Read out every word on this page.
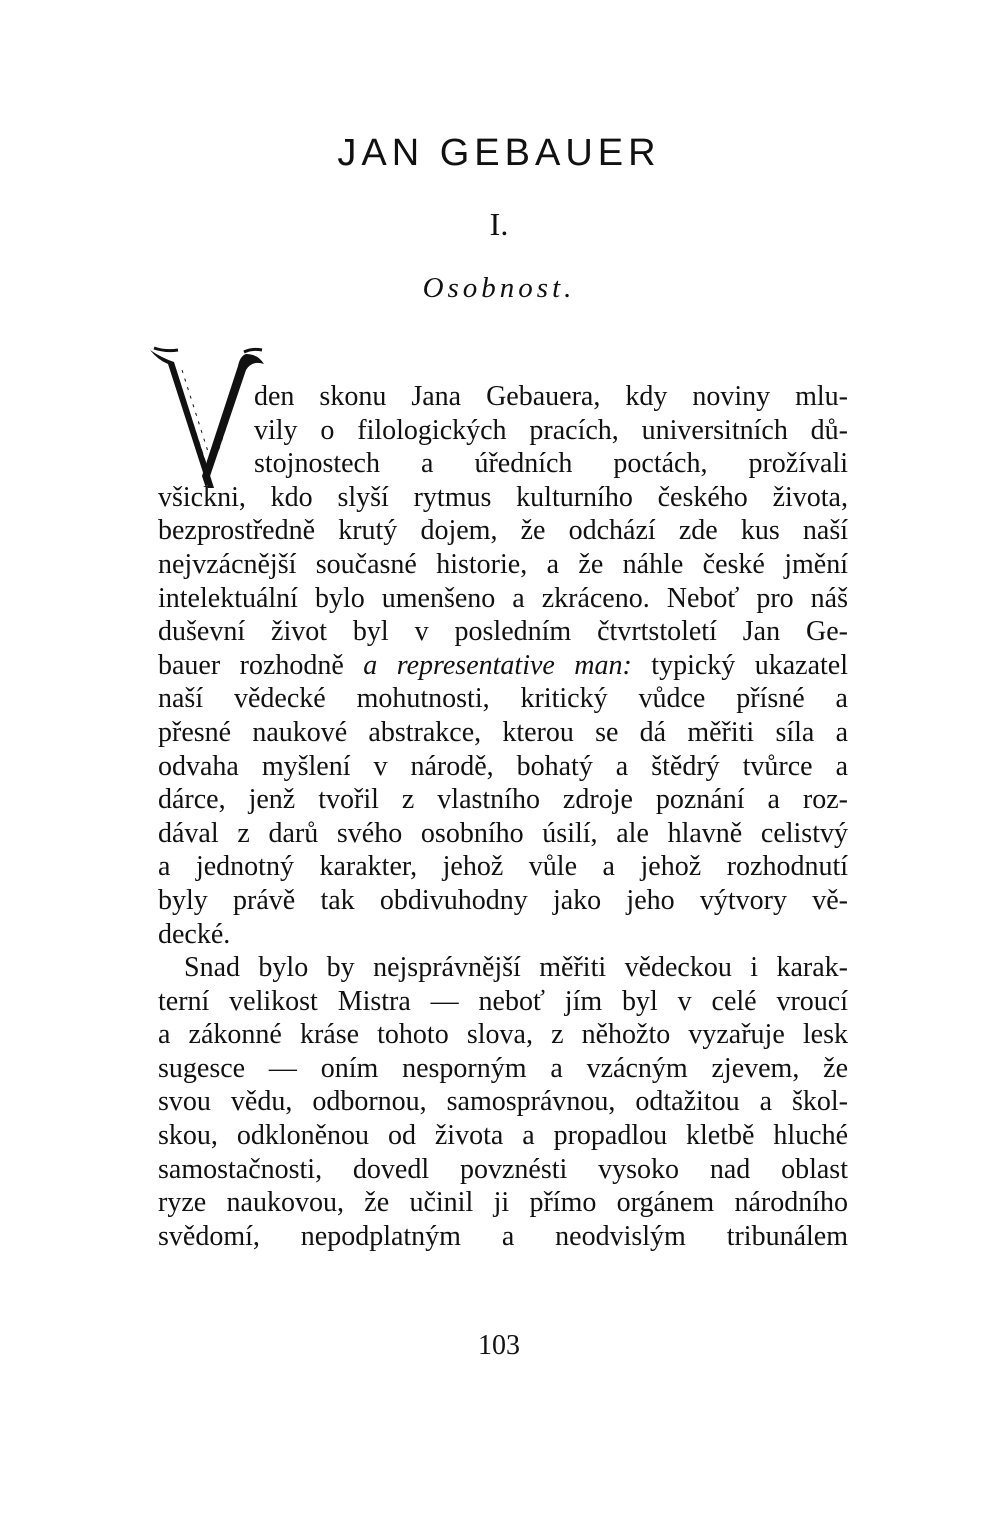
JAN GEBAUER
I.
Osobnost.

den skonu Jana Gebauera, kdy noviny mlu-
vily o filologických pracích, universitních dů-
stojnostech a úředních poctách, prožívali
všickni, kdo slyší rytmus kulturního českého života,
bezprostředně krutý dojem, že odchází zde kus naší
nejvzácnější současné historie, a že náhle české jmění
intelektuální bylo umenšeno a zkráceno. Neboť pro náš
duševní život byl v posledním čtvrtstoletí Jan Ge-
bauer rozhodně a representative man: typický ukazatel
naší vědecké mohutnosti, kritický vůdce přísné a
přesné naukové abstrakce, kterou se dá měřiti síla a
odvaha myšlení v národě, bohatý a štědrý tvůrce a
dárce, jenž tvořil z vlastního zdroje poznání a roz-
dával z darů svého osobního úsilí, ale hlavně celistvý
a jednotný karakter, jehož vůle a jehož rozhodnutí
byly právě tak obdivuhodny jako jeho výtvory vě-
decké.

Snad bylo by nejsprávnější měřiti vědeckou i karak-
terní velikost Mistra — neboť jím byl v celé vroucí
a zákonné kráse tohoto slova, z něhožto vyzařuje lesk
sugesce — oním nesporným a vzácným zjevem, že
svou vědu, odbornou, samosprávnou, odtažitou a škol-
skou, odkloněnou od života a propadlou kletbě hluché
samostačnosti, dovedl povznésti vysoko nad oblast
ryze naukovou, že učinil ji přímo orgánem národního
svědomí, nepodplatným a neodvislým tribunálem

103
